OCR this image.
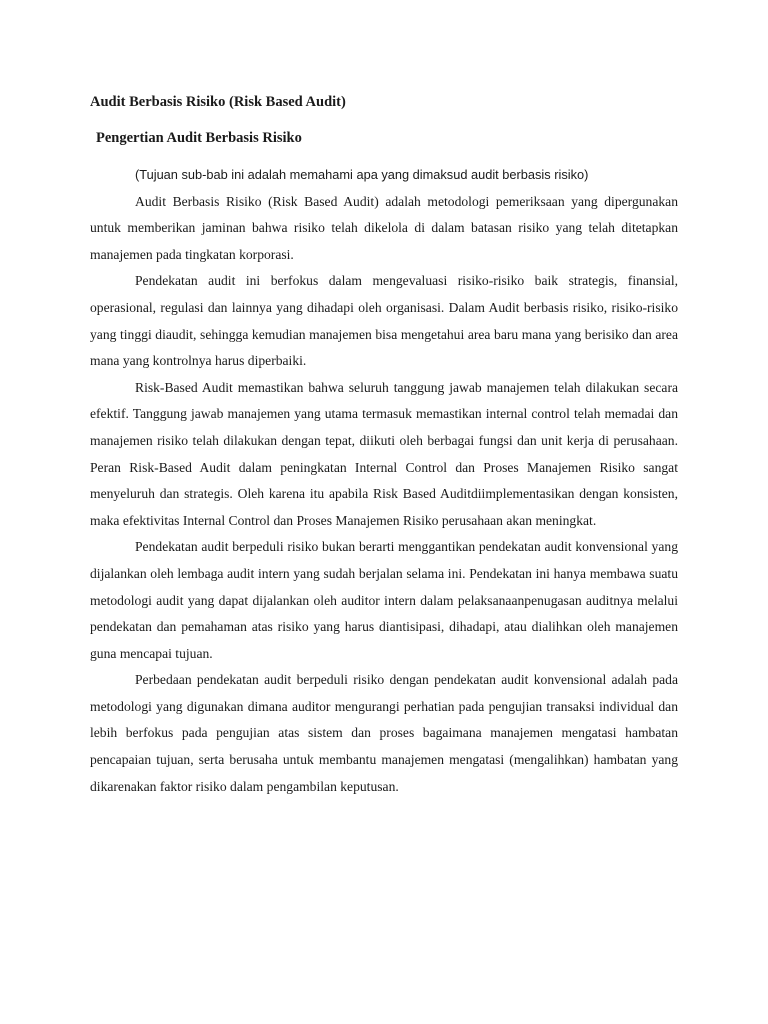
Audit Berbasis Risiko (Risk Based Audit)
Pengertian Audit Berbasis Risiko

(Tujuan sub-bab ini adalah memahami apa yang dimaksud audit berbasis risiko)

Audit Berbasis Risiko (Risk Based Audit) adalah metodologi pemeriksaan yang dipergunakan untuk memberikan jaminan bahwa risiko telah dikelola di dalam batasan risiko yang telah ditetapkan manajemen pada tingkatan korporasi.

Pendekatan audit ini berfokus dalam mengevaluasi risiko-risiko baik strategis, finansial, operasional, regulasi dan lainnya yang dihadapi oleh organisasi. Dalam Audit berbasis risiko, risiko-risiko yang tinggi diaudit, sehingga kemudian manajemen bisa mengetahui area baru mana yang berisiko dan area mana yang kontrolnya harus diperbaiki.

Risk-Based Audit memastikan bahwa seluruh tanggung jawab manajemen telah dilakukan secara efektif. Tanggung jawab manajemen yang utama termasuk memastikan internal control telah memadai dan manajemen risiko telah dilakukan dengan tepat, diikuti oleh berbagai fungsi dan unit kerja di perusahaan. Peran Risk-Based Audit dalam peningkatan Internal Control dan Proses Manajemen Risiko sangat menyeluruh dan strategis. Oleh karena itu apabila Risk Based Auditdiimplementasikan dengan konsisten, maka efektivitas Internal Control dan Proses Manajemen Risiko perusahaan akan meningkat.

Pendekatan audit berpeduli risiko bukan berarti menggantikan pendekatan audit konvensional yang dijalankan oleh lembaga audit intern yang sudah berjalan selama ini. Pendekatan ini hanya membawa suatu metodologi audit yang dapat dijalankan oleh auditor intern dalam pelaksanaanpenugasan auditnya melalui pendekatan dan pemahaman atas risiko yang harus diantisipasi, dihadapi, atau dialihkan oleh manajemen guna mencapai tujuan.

Perbedaan pendekatan audit berpeduli risiko dengan pendekatan audit konvensional adalah pada metodologi yang digunakan dimana auditor mengurangi perhatian pada pengujian transaksi individual dan lebih berfokus pada pengujian atas sistem dan proses bagaimana manajemen mengatasi hambatan pencapaian tujuan, serta berusaha untuk membantu manajemen mengatasi (mengalihkan) hambatan yang dikarenakan faktor risiko dalam pengambilan keputusan.
